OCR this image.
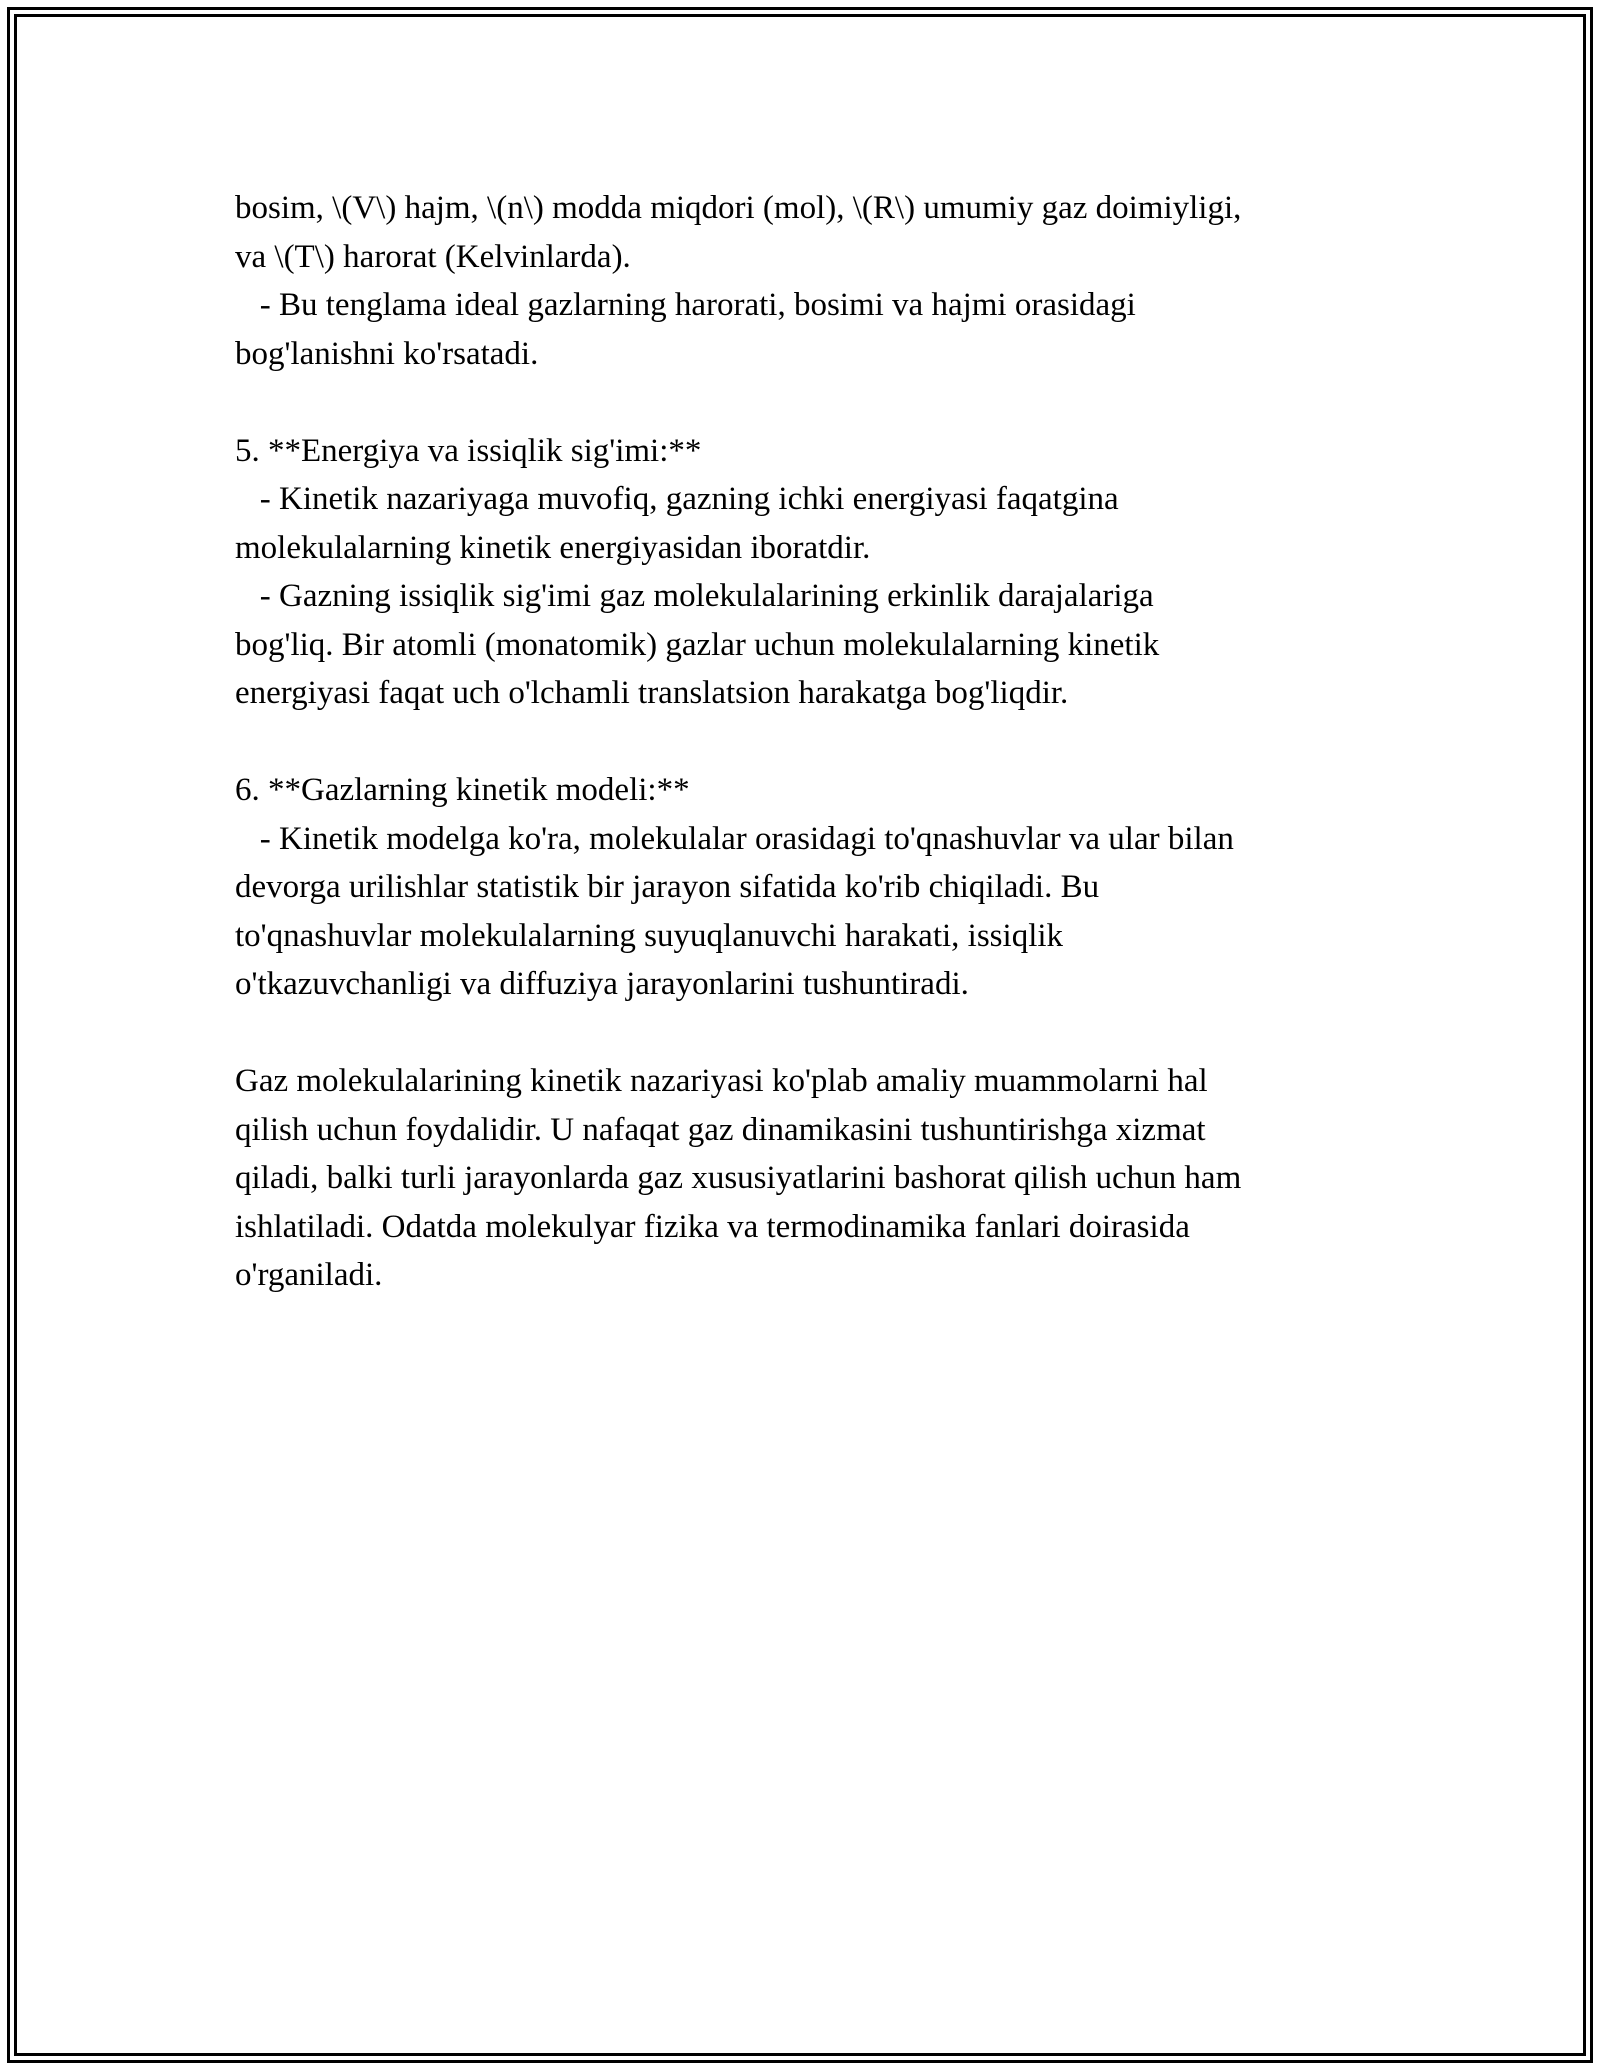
bosim, \(V\) hajm, \(n\) modda miqdori (mol), \(R\) umumiy gaz doimiyligi,
va \(T\) harorat (Kelvinlarda).
- Bu tenglama ideal gazlarning harorati, bosimi va hajmi orasidagi
bog'lanishni ko'rsatadi.
5. **Energiya va issiqlik sig'imi:**
- Kinetik nazariyaga muvofiq, gazning ichki energiyasi faqatgina
molekulalarning kinetik energiyasidan iboratdir.
- Gazning issiqlik sig'imi gaz molekulalarining erkinlik darajalariga
bog'liq. Bir atomli (monatomik) gazlar uchun molekulalarning kinetik
energiyasi faqat uch o'lchamli translatsion harakatga bog'liqdir.
6. **Gazlarning kinetik modeli:**
- Kinetik modelga ko'ra, molekulalar orasidagi to'qnashuvlar va ular bilan
devorga urilishlar statistik bir jarayon sifatida ko'rib chiqiladi. Bu
to'qnashuvlar molekulalarning suyuqlanuvchi harakati, issiqlik
o'tkazuvchanligi va diffuziya jarayonlarini tushuntiradi.
Gaz molekulalarining kinetik nazariyasi ko'plab amaliy muammolarni hal
qilish uchun foydalidir. U nafaqat gaz dinamikasini tushuntirishga xizmat
qiladi, balki turli jarayonlarda gaz xususiyatlarini bashorat qilish uchun ham
ishlatiladi. Odatda molekulyar fizika va termodinamika fanlari doirasida
o'rganiladi.
